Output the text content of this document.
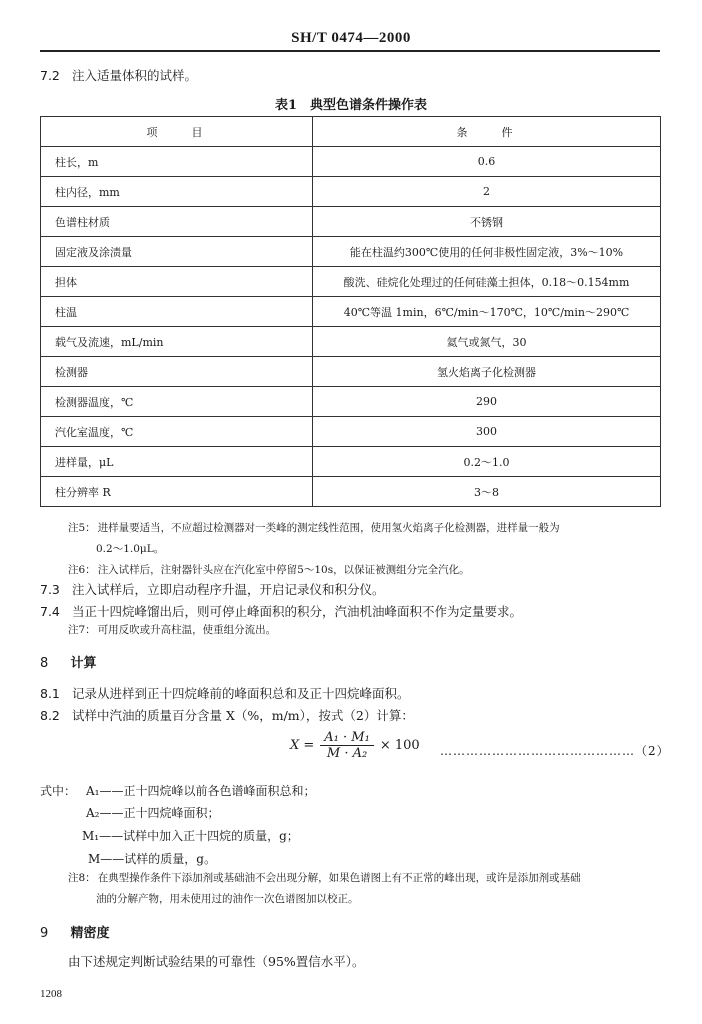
SH/T 0474—2000
7.2 注入适量体积的试样。
表1　典型色谱条件操作表
项　　目	条　　件
柱长，m	0.6
柱内径，mm	2
色谱柱材质	不锈钢
固定液及涂渍量	能在柱温约300℃使用的任何非极性固定液，3%～10%
担体	酸洗、硅烷化处理过的任何硅藻土担体，0.18～0.154mm
柱温	40℃等温 1min，6℃/min～170℃，10℃/min～290℃
载气及流速，mL/min	氦气或氮气，30
检测器	氢火焰离子化检测器
检测器温度，℃	290
汽化室温度，℃	300
进样量，μL	0.2～1.0
柱分辨率 R	3～8
注5： 进样量要适当，不应超过检测器对一类峰的测定线性范围，使用氢火焰离子化检测器，进样量一般为
0.2～1.0μL。
注6： 注入试样后，注射器针头应在汽化室中停留5～10s，以保证被测组分完全汽化。
7.3 注入试样后，立即启动程序升温，开启记录仪和积分仪。
7.4 当正十四烷峰馏出后，则可停止峰面积的积分，汽油机油峰面积不作为定量要求。
注7： 可用反吹或升高柱温，使重组分流出。
8 计算
8.1 记录从进样到正十四烷峰前的峰面积总和及正十四烷峰面积。
8.2 试样中汽油的质量百分含量 X（%，m/m），按式（2）计算：
$X = \frac{\text{A₁ · M₁}}{\text{M · A₂}} \times 100$ ………………………………………（2）
式中： A₁——正十四烷峰以前各色谱峰面积总和；
A₂——正十四烷峰面积；
M₁——试样中加入正十四烷的质量，g；
M——试样的质量，g。
注8： 在典型操作条件下添加剂或基础油不会出现分解，如果色谱图上有不正常的峰出现，或许是添加剂或基础
油的分解产物，用未使用过的油作一次色谱图加以校正。
9 精密度
由下述规定判断试验结果的可靠性（95%置信水平）。
1208
